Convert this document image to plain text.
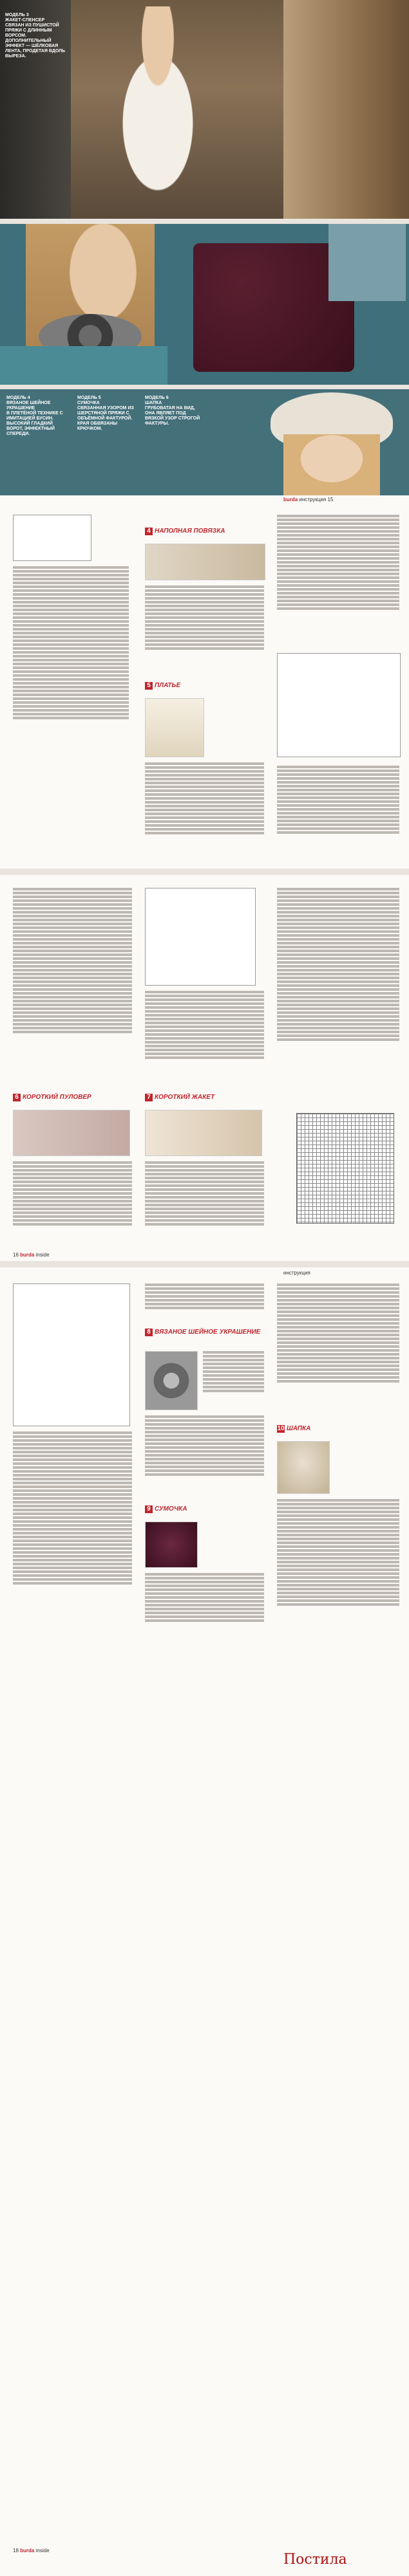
МОДЕЛЬ 3
ЖАКЕТ-СПЕНСЕР
СВЯЗАН ИЗ ПУШИСТОЙ ПРЯЖИ С ДЛИННЫМ ВОРСОМ.
ДОПОЛНИТЕЛЬНЫЙ ЭФФЕКТ — ШЁЛКОВАЯ ЛЕНТА, ПРОДЕТАЯ ВДОЛЬ ВЫРЕЗА.
МОДЕЛЬ 4
ВЯЗАНОЕ ШЕЙНОЕ УКРАШЕНИЕ
В ПЛЕТЁНОЙ ТЕХНИКЕ С ИМИТАЦИЕЙ БУСИН.
ВЫСОКИЙ ГЛАДКИЙ ВОРОТ, ЭФФЕКТНЫЙ СПЕРЕДИ.
МОДЕЛЬ 5
СУМОЧКА
СВЯЗАННАЯ УЗОРОМ ИЗ ШЕРСТЯНОЙ ПРЯЖИ С ОБЪЁМНОЙ ФАКТУРОЙ.
КРАЯ ОБВЯЗАНЫ КРЮЧКОМ.
МОДЕЛЬ 6
ШАПКА
ГРУБОВАТАЯ НА ВИД, ОНА ЯВЛЯЕТ ПОД ВЯЗКОЙ УЗОР СТРОГОЙ ФАКТУРЫ.
burda инструкция 15
4 НАПОЛНАЯ ПОВЯЗКА
5 ПЛАТЬЕ
6 КОРОТКИЙ ПУЛОВЕР	7 КОРОТКИЙ ЖАКЕТ
16 burda inside
инструкция
8 ВЯЗАНОЕ ШЕЙНОЕ УКРАШЕНИЕ
9 СУМОЧКА
10 ШАПКА
18 burda inside
Постила
